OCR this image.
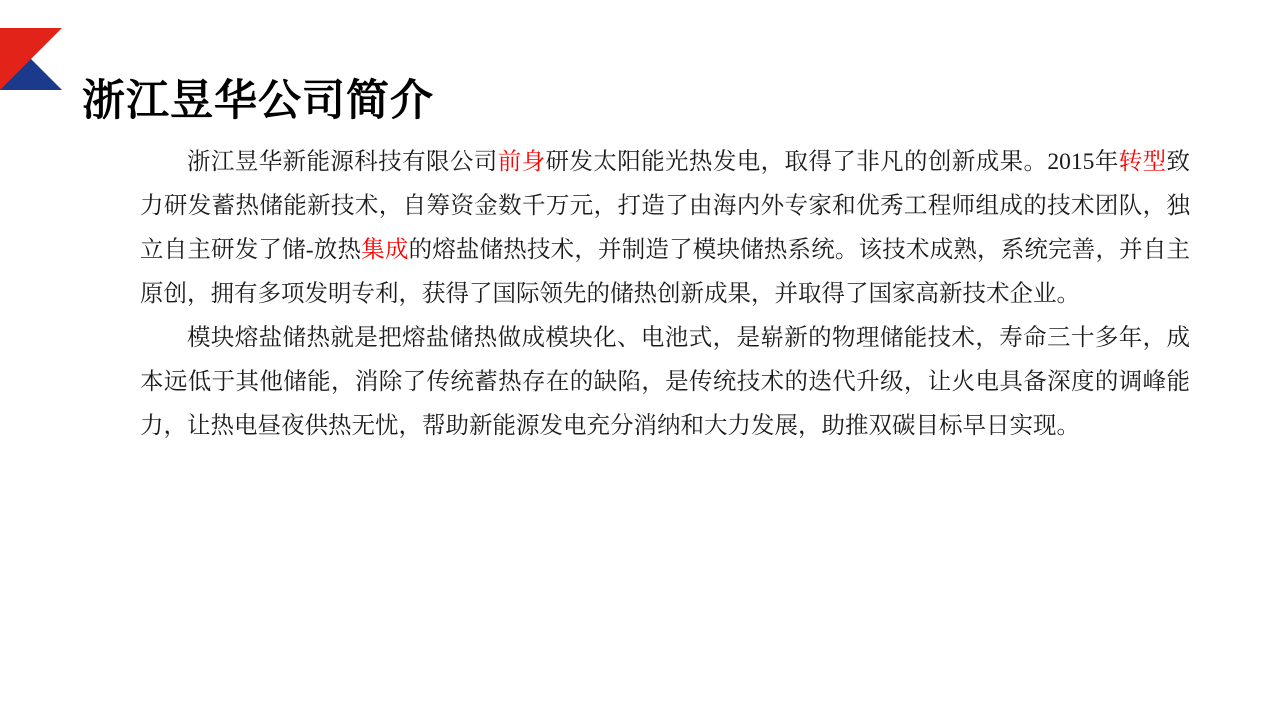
浙江昱华公司简介

浙江昱华新能源科技有限公司前身研发太阳能光热发电，取得了非凡的创新成果。2015年转型致力研发蓄热储能新技术，自筹资金数千万元，打造了由海内外专家和优秀工程师组成的技术团队，独立自主研发了储-放热集成的熔盐储热技术，并制造了模块储热系统。该技术成熟，系统完善，并自主原创，拥有多项发明专利，获得了国际领先的储热创新成果，并取得了国家高新技术企业。

模块熔盐储热就是把熔盐储热做成模块化、电池式，是崭新的物理储能技术，寿命三十多年，成本远低于其他储能，消除了传统蓄热存在的缺陷，是传统技术的迭代升级，让火电具备深度的调峰能力，让热电昼夜供热无忧，帮助新能源发电充分消纳和大力发展，助推双碳目标早日实现。
